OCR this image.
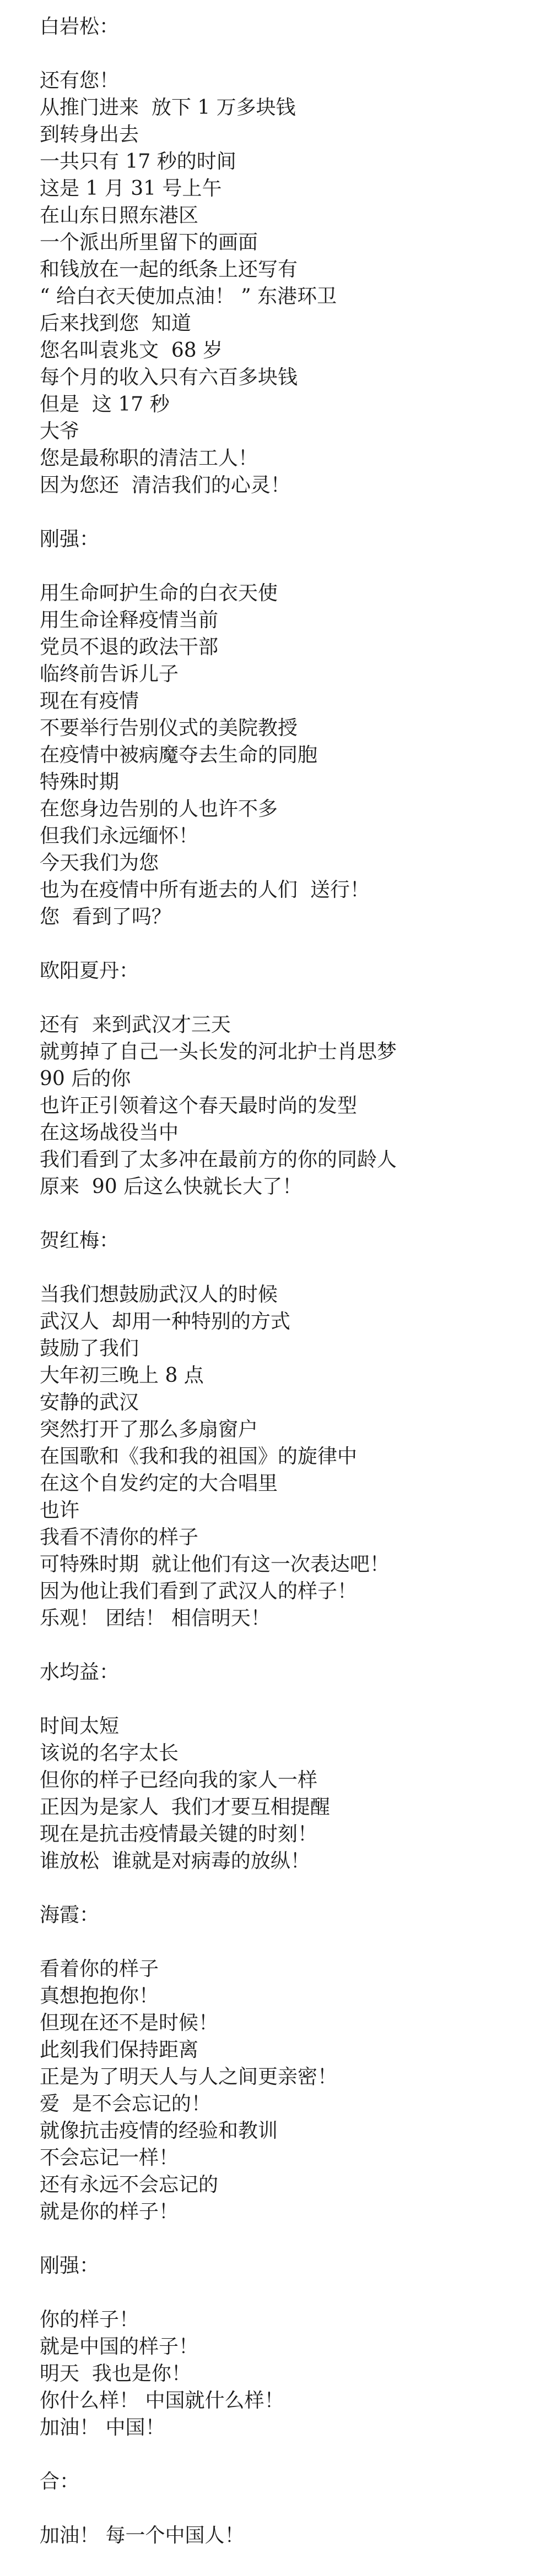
白岩松：
还有您！
从推门进来  放下 1 万多块钱
到转身出去
一共只有 17 秒的时间
这是 1 月 31 号上午
在山东日照东港区
一个派出所里留下的画面
和钱放在一起的纸条上还写有
“ 给白衣天使加点油！ ” 东港环卫
后来找到您  知道
您名叫袁兆文  68 岁
每个月的收入只有六百多块钱
但是  这 17 秒
大爷
您是最称职的清洁工人！
因为您还  清洁我们的心灵！
刚强：
用生命呵护生命的白衣天使
用生命诠释疫情当前
党员不退的政法干部
临终前告诉儿子
现在有疫情
不要举行告别仪式的美院教授
在疫情中被病魔夺去生命的同胞
特殊时期
在您身边告别的人也许不多
但我们永远缅怀！
今天我们为您
也为在疫情中所有逝去的人们  送行！
您  看到了吗？
欧阳夏丹：
还有  来到武汉才三天
就剪掉了自己一头长发的河北护士肖思梦
90 后的你
也许正引领着这个春天最时尚的发型
在这场战役当中
我们看到了太多冲在最前方的你的同龄人
原来  90 后这么快就长大了！
贺红梅：
当我们想鼓励武汉人的时候
武汉人  却用一种特别的方式
鼓励了我们
大年初三晚上 8 点
安静的武汉
突然打开了那么多扇窗户
在国歌和《我和我的祖国》的旋律中
在这个自发约定的大合唱里
也许
我看不清你的样子
可特殊时期  就让他们有这一次表达吧！
因为他让我们看到了武汉人的样子！
乐观！ 团结！ 相信明天！
水均益：
时间太短
该说的名字太长
但你的样子已经向我的家人一样
正因为是家人  我们才要互相提醒
现在是抗击疫情最关键的时刻！
谁放松  谁就是对病毒的放纵！
海霞：
看着你的样子
真想抱抱你！
但现在还不是时候！
此刻我们保持距离
正是为了明天人与人之间更亲密！
爱  是不会忘记的！
就像抗击疫情的经验和教训
不会忘记一样！
还有永远不会忘记的
就是你的样子！
刚强：
你的样子！
就是中国的样子！
明天  我也是你！
你什么样！ 中国就什么样！
加油！ 中国！
合：
加油！ 每一个中国人！
